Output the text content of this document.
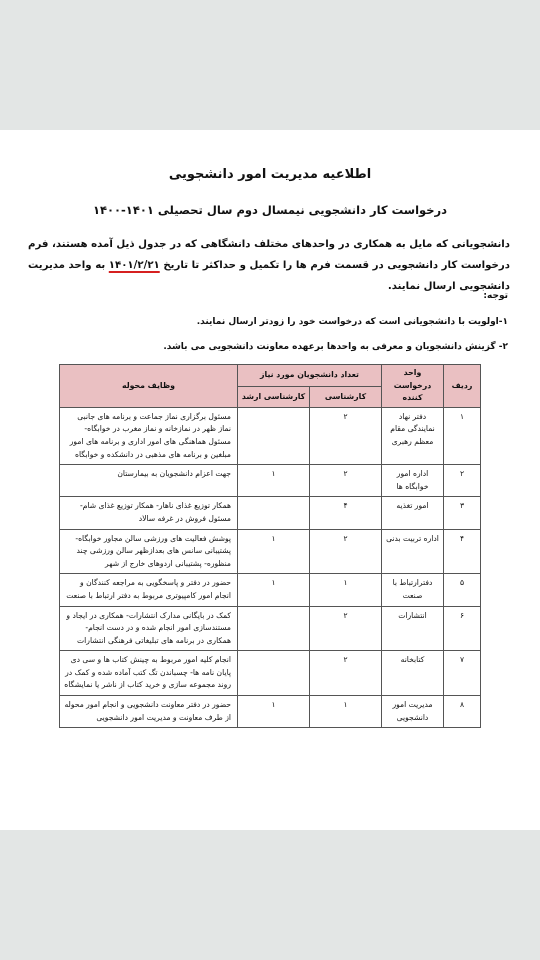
اطلاعیه مدیریت امور دانشجویی
درخواست کار دانشجویی نیمسال دوم سال تحصیلی ۱۴۰۱-۱۴۰۰
دانشجویانی که مایل به همکاری در واحدهای مختلف دانشگاهی که در جدول ذیل آمده هستند، فرم درخواست کار دانشجویی در قسمت فرم ها را تکمیل و حداکثر تا تاریخ ۱۴۰۱/۲/۲۱ به واحد مدیریت دانشجویی ارسال نمایند.
توجه:
۱-اولویت با دانشجویانی است که درخواست خود را زودتر ارسال نمایند.
۲- گزینش دانشجویان و معرفی به واحدها برعهده معاونت دانشجویی می باشد.
ردیف	واحد درخواست کننده	تعداد دانشجویان مورد نیاز		وظایف محوله
		کارشناسی	کارشناسی ارشد	
۱	دفتر نهاد نمایندگی مقام معظم رهبری	۲		مسئول برگزاری نماز جماعت و برنامه های جانبی نماز ظهر در نمازخانه و نماز مغرب در خوابگاه-مسئول هماهنگی های امور اداری و برنامه های امور مبلغین و برنامه های مذهبی در دانشکده و خوابگاه
۲	اداره امور خوابگاه ها	۲	۱	جهت اعزام دانشجویان به بیمارستان
۳	امور تغذیه	۴		همکار توزیع غذای ناهار- همکار توزیع غذای شام-مسئول فروش در غرفه سالاد
۴	اداره تربیت بدنی	۲	۱	پوشش فعالیت های ورزشی سالن مجاور خوابگاه-پشتیبانی سانس های بعدازظهر سالن ورزشی چند منظوره- پشتیبانی اردوهای خارج از شهر
۵	دفترارتباط با صنعت	۱	۱	حضور در دفتر و پاسخگویی به مراجعه کنندگان و انجام امور کامپیوتری مربوط به دفتر ارتباط با صنعت
۶	انتشارات	۲		کمک در بایگانی مدارک انتشارات- همکاری در ایجاد و مستندسازی امور انجام شده و در دست انجام-همکاری در برنامه های تبلیغاتی فرهنگی انتشارات
۷	کتابخانه	۲		انجام کلیه امور مربوط به چینش کتاب ها و سی دی پایان نامه ها- چسباندن تگ کتب آماده شده و کمک در روند مجموعه سازی و خرید کتاب از ناشر یا نمایشگاه
۸	مدیریت امور دانشجویی	۱	۱	حضور در دفتر معاونت دانشجویی و انجام امور محوله از طرف معاونت و مدیریت امور دانشجویی
